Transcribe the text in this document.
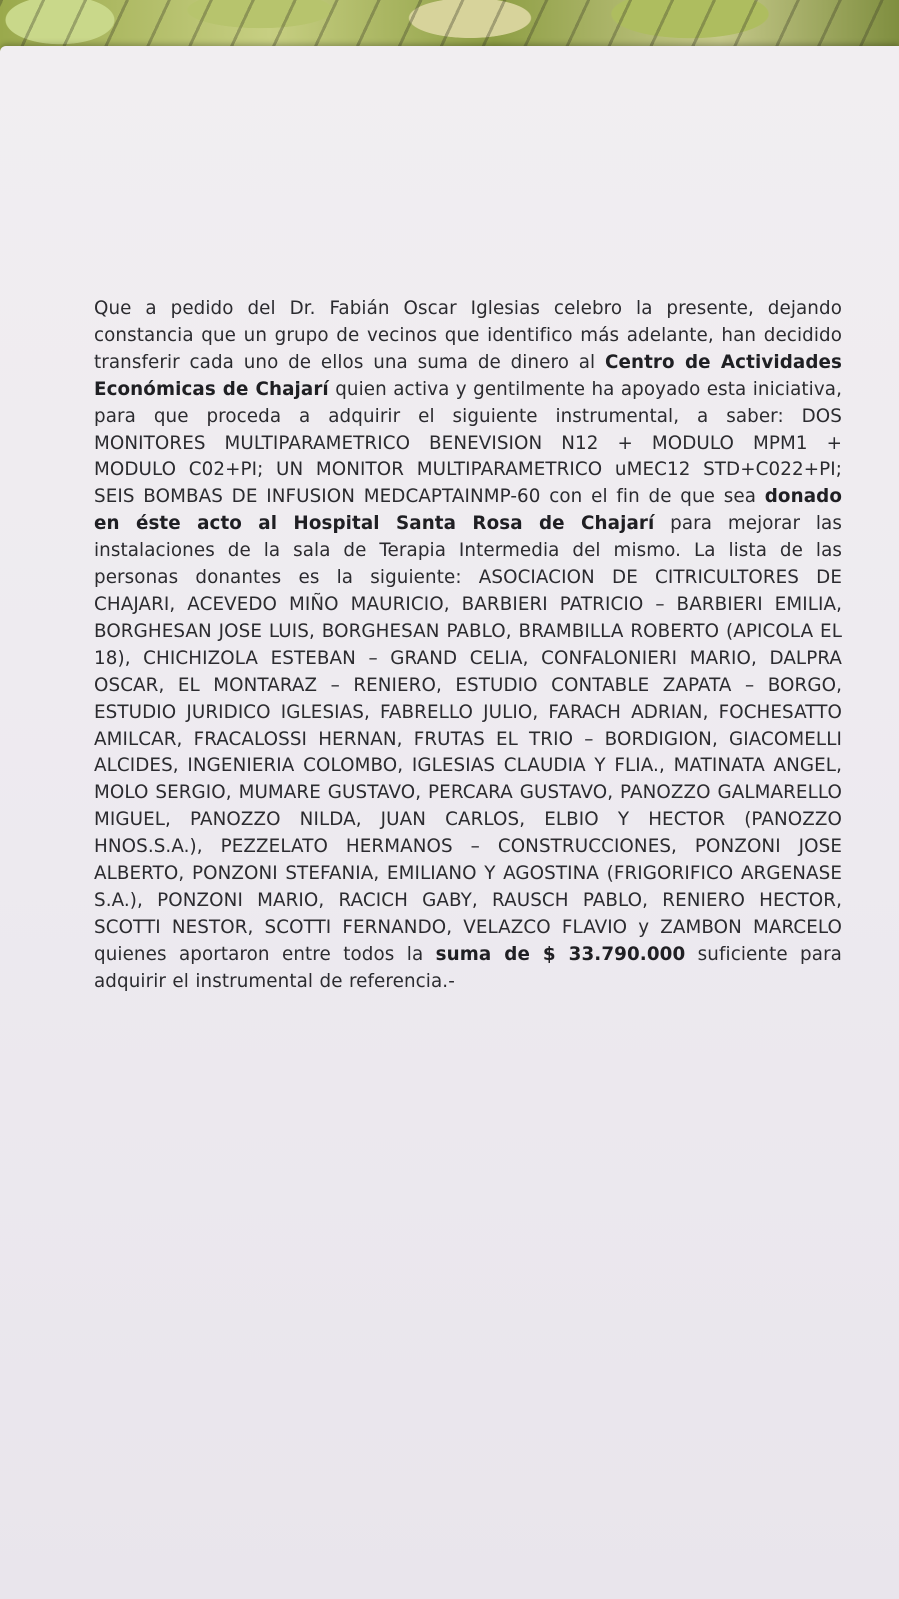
Que a pedido del Dr. Fabián Oscar Iglesias celebro la presente, dejando constancia que un grupo de vecinos que identifico más adelante, han decidido transferir cada uno de ellos una suma de dinero al Centro de Actividades Económicas de Chajarí quien activa y gentilmente ha apoyado esta iniciativa, para que proceda a adquirir el siguiente instrumental, a saber: DOS MONITORES MULTIPARAMETRICO BENEVISION N12 + MODULO MPM1 + MODULO C02+PI; UN MONITOR MULTIPARAMETRICO uMEC12 STD+C022+PI; SEIS BOMBAS DE INFUSION MEDCAPTAINMP-60 con el fin de que sea donado en éste acto al Hospital Santa Rosa de Chajarí para mejorar las instalaciones de la sala de Terapia Intermedia del mismo. La lista de las personas donantes es la siguiente: ASOCIACION DE CITRICULTORES DE CHAJARI, ACEVEDO MIÑO MAURICIO, BARBIERI PATRICIO – BARBIERI EMILIA, BORGHESAN JOSE LUIS, BORGHESAN PABLO, BRAMBILLA ROBERTO (APICOLA EL 18), CHICHIZOLA ESTEBAN – GRAND CELIA, CONFALONIERI MARIO, DALPRA OSCAR, EL MONTARAZ – RENIERO, ESTUDIO CONTABLE ZAPATA – BORGO, ESTUDIO JURIDICO IGLESIAS, FABRELLO JULIO, FARACH ADRIAN, FOCHESATTO AMILCAR, FRACALOSSI HERNAN, FRUTAS EL TRIO – BORDIGION, GIACOMELLI ALCIDES, INGENIERIA COLOMBO, IGLESIAS CLAUDIA Y FLIA., MATINATA ANGEL, MOLO SERGIO, MUMARE GUSTAVO, PERCARA GUSTAVO, PANOZZO GALMARELLO MIGUEL, PANOZZO NILDA, JUAN CARLOS, ELBIO Y HECTOR (PANOZZO HNOS.S.A.), PEZZELATO HERMANOS – CONSTRUCCIONES, PONZONI JOSE ALBERTO, PONZONI STEFANIA, EMILIANO Y AGOSTINA (FRIGORIFICO ARGENASE S.A.), PONZONI MARIO, RACICH GABY, RAUSCH PABLO, RENIERO HECTOR, SCOTTI NESTOR, SCOTTI FERNANDO, VELAZCO FLAVIO y ZAMBON MARCELO quienes aportaron entre todos la suma de $ 33.790.000 suficiente para adquirir el instrumental de referencia.-
